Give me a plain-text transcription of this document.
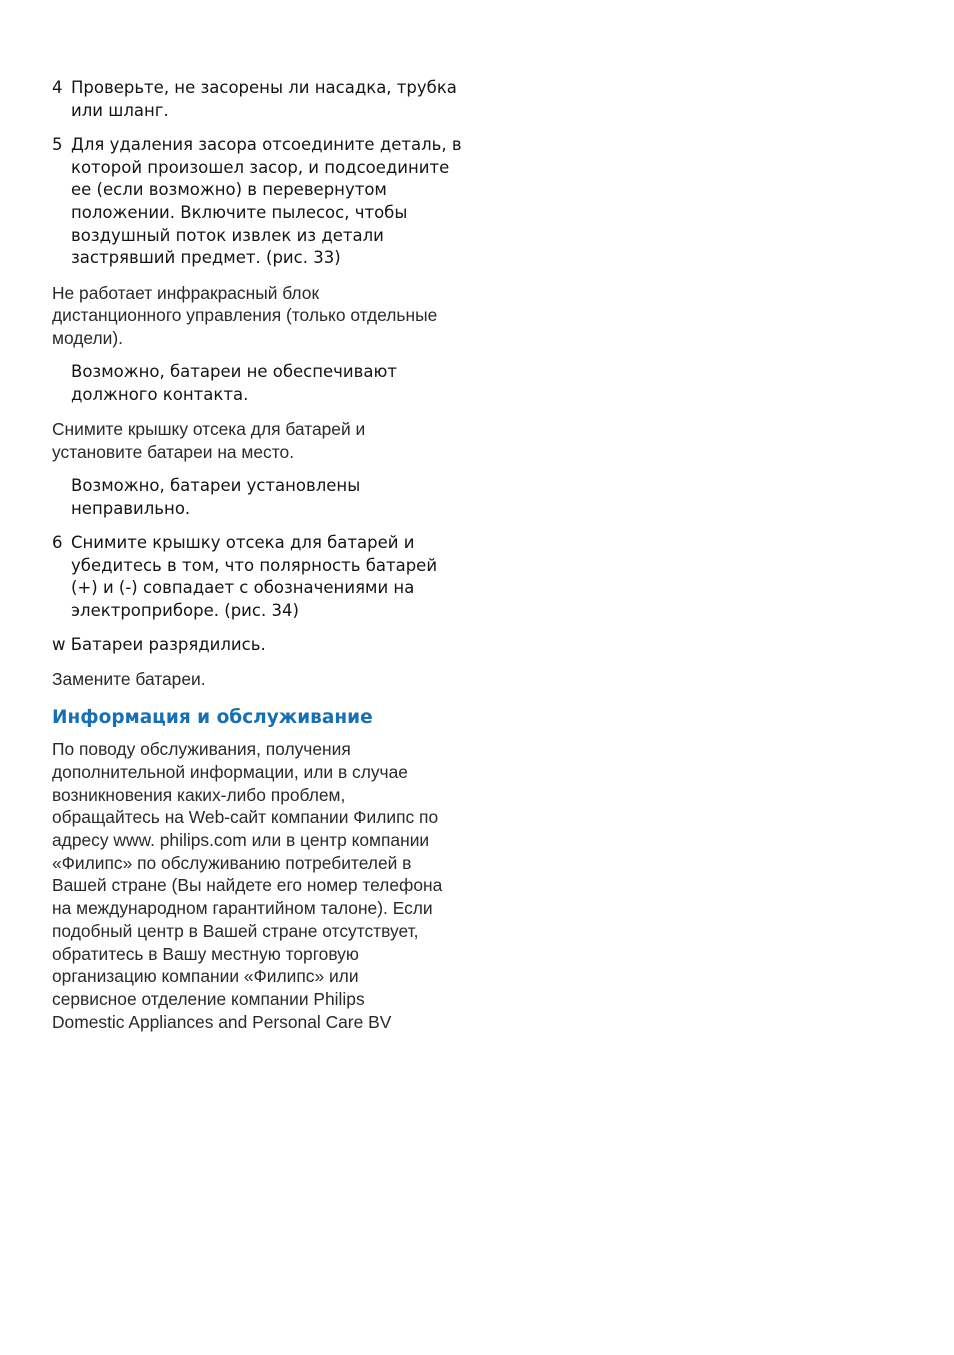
4 Проверьте, не засорены ли насадка, трубка
или шланг.
5 Для удаления засора отсоедините деталь, в
которой произошел засор, и подсоедините
ее (если возможно) в перевернутом
положении. Включите пылесос, чтобы
воздушный поток извлек из детали
застрявший предмет. (рис. 33)
Не работает инфракрасный блок
дистанционного управления (только отдельные
модели).
Возможно, батареи не обеспечивают
должного контакта.
Снимите крышку отсека для батарей и
установите батареи на место.
Возможно, батареи установлены
неправильно.
6 Снимите крышку отсека для батарей и
убедитесь в том, что полярность батарей
(+) и (-) совпадает с обозначениями на
электроприборе. (рис. 34)
w Батареи разрядились.
Замените батареи.
Информация и обслуживание
По поводу обслуживания, получения
дополнительной информации, или в случае
возникновения каких-либо проблем,
обращайтесь на Web-сайт компании Филипс по
адресу www. philips.com или в центр компании
«Филипс» по обслуживанию потребителей в
Вашей стране (Вы найдете его номер телефона
на международном гарантийном талоне). Если
подобный центр в Вашей стране отсутствует,
обратитесь в Вашу местную торговую
организацию компании «Филипс» или
сервисное отделение компании Philips
Domestic Appliances and Personal Care BV
